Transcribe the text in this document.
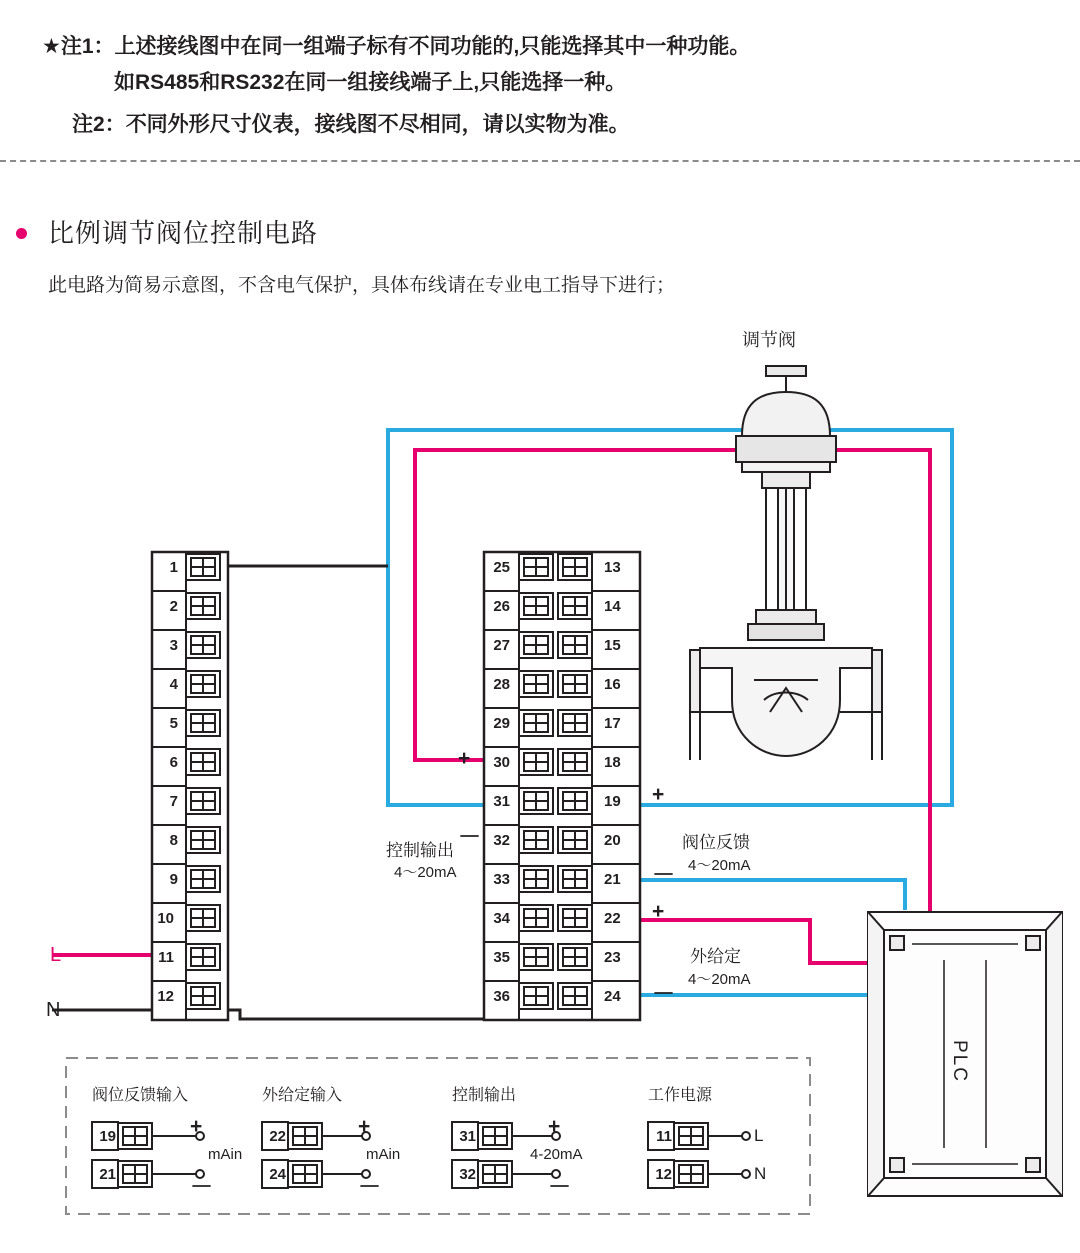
★注1：上述接线图中在同一组端子标有不同功能的,只能选择其中一种功能。
如RS485和RS232在同一组接线端子上,只能选择一种。
注2：不同外形尺寸仪表，接线图不尽相同，请以实物为准。
比例调节阀位控制电路
此电路为简易示意图，不含电气保护，具体布线请在专业电工指导下进行；
调节阀
1
2
3
4
5
6
7
8
9
10
11
12
25
26
27
28
29
30
31
32
33
34
35
36
13
14
15
16
17
18
19
20
21
22
23
24
L
N
+
－
控制输出
4～20mA
+
－
阀位反馈
4～20mA
+
－
外给定
4～20mA
PLC
阀位反馈输入
19
21
+
－
mAin
外给定输入
22
24
+
－
mAin
控制输出
31
32
+
－
4-20mA
工作电源
11
12
L
N
